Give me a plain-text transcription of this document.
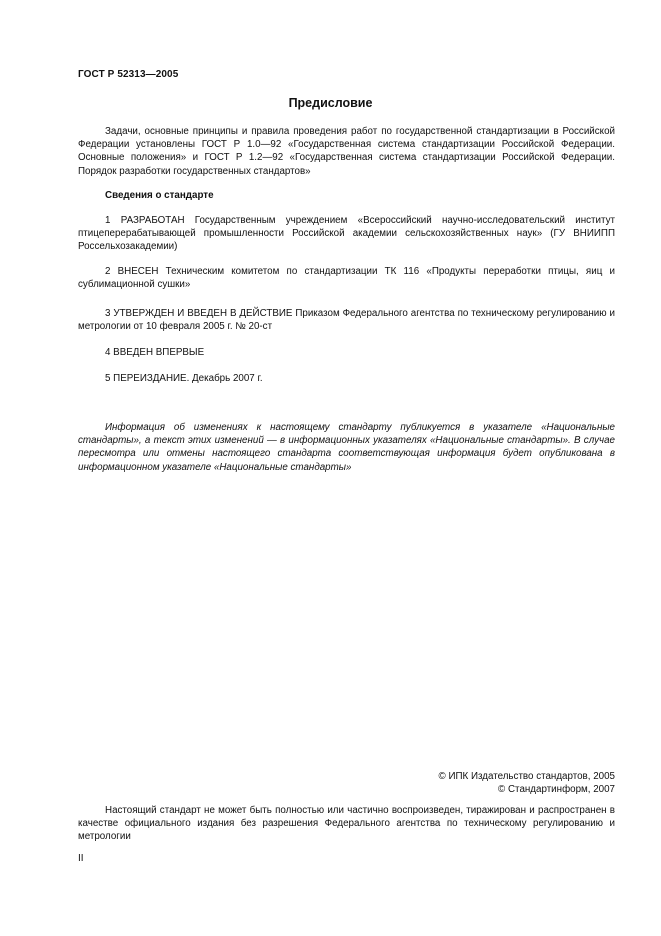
ГОСТ Р 52313—2005
Предисловие

Задачи, основные принципы и правила проведения работ по государственной стандартизации в Российской Федерации установлены ГОСТ Р 1.0—92 «Государственная система стандартизации Российской Федерации. Основные положения» и ГОСТ Р 1.2—92 «Государственная система стандартизации Российской Федерации. Порядок разработки государственных стандартов»

Сведения о стандарте

1 РАЗРАБОТАН Государственным учреждением «Всероссийский научно-исследовательский институт птицеперерабатывающей промышленности Российской академии сельскохозяйственных наук» (ГУ ВНИИПП Россельхозакадемии)

2 ВНЕСЕН Техническим комитетом по стандартизации ТК 116 «Продукты переработки птицы, яиц и сублимационной сушки»

3 УТВЕРЖДЕН И ВВЕДЕН В ДЕЙСТВИЕ Приказом Федерального агентства по техническому регулированию и метрологии от 10 февраля 2005 г. № 20-ст

4 ВВЕДЕН ВПЕРВЫЕ

5 ПЕРЕИЗДАНИЕ. Декабрь 2007 г.

Информация об изменениях к настоящему стандарту публикуется в указателе «Национальные стандарты», а текст этих изменений — в информационных указателях «Национальные стандарты». В случае пересмотра или отмены настоящего стандарта соответствующая информация будет опубликована в информационном указателе «Национальные стандарты»

© ИПК Издательство стандартов, 2005
© Стандартинформ, 2007

Настоящий стандарт не может быть полностью или частично воспроизведен, тиражирован и распространен в качестве официального издания без разрешения Федерального агентства по техническому регулированию и метрологии

II
